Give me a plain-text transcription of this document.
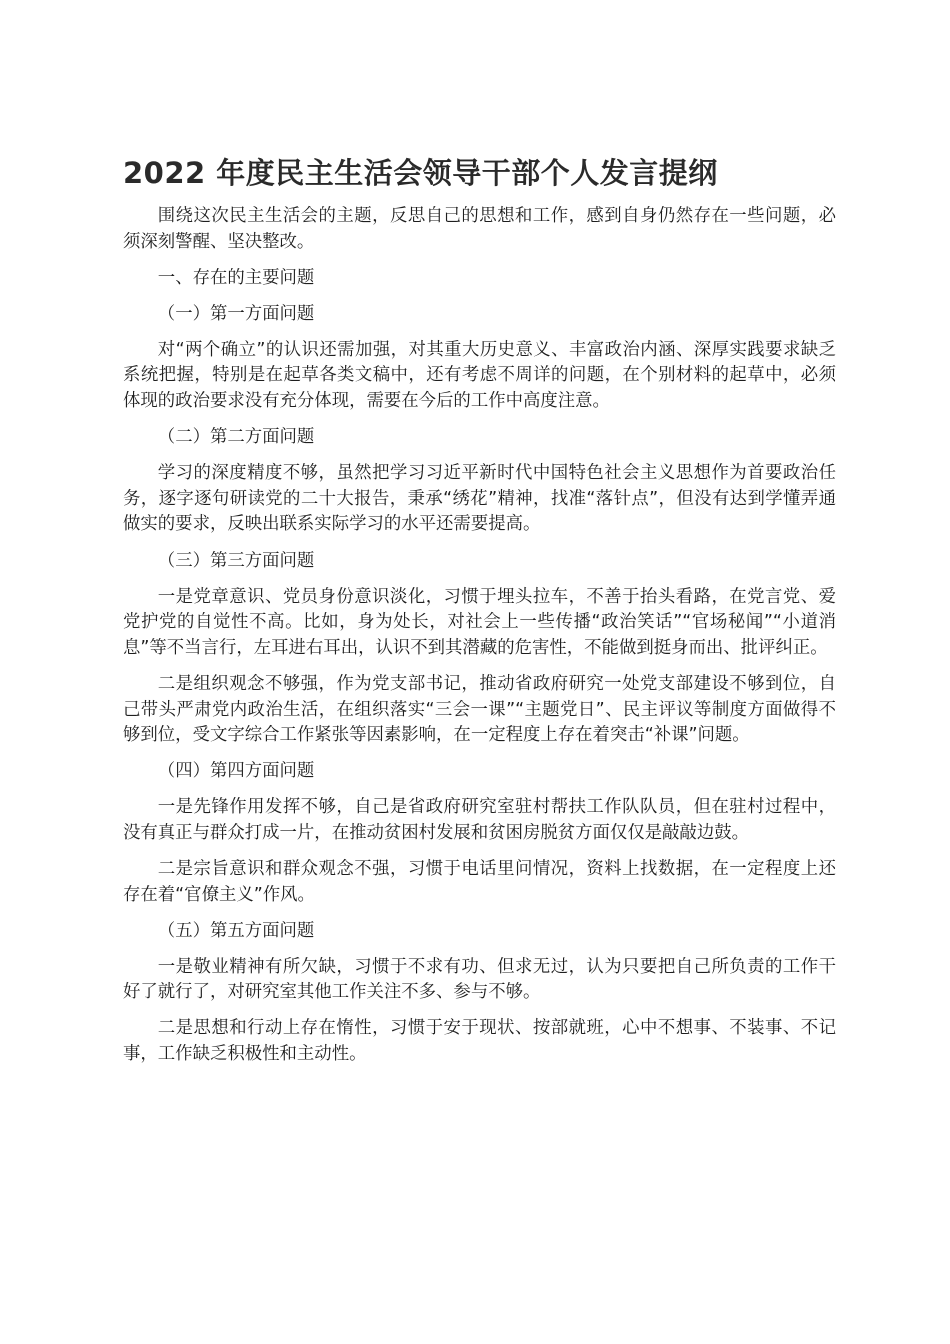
2022 年度民主生活会领导干部个人发言提纲

围绕这次民主生活会的主题，反思自己的思想和工作，感到自身仍然存在一些问题，必须深刻警醒、坚决整改。

一、存在的主要问题

（一）第一方面问题

对“两个确立”的认识还需加强，对其重大历史意义、丰富政治内涵、深厚实践要求缺乏系统把握，特别是在起草各类文稿中，还有考虑不周详的问题，在个别材料的起草中，必须体现的政治要求没有充分体现，需要在今后的工作中高度注意。

（二）第二方面问题

学习的深度精度不够，虽然把学习习近平新时代中国特色社会主义思想作为首要政治任务，逐字逐句研读党的二十大报告，秉承“绣花”精神，找准“落针点”，但没有达到学懂弄通做实的要求，反映出联系实际学习的水平还需要提高。

（三）第三方面问题

一是党章意识、党员身份意识淡化，习惯于埋头拉车，不善于抬头看路，在党言党、爱党护党的自觉性不高。比如，身为处长，对社会上一些传播“政治笑话”“官场秘闻”“小道消息”等不当言行，左耳进右耳出，认识不到其潜藏的危害性，不能做到挺身而出、批评纠正。

二是组织观念不够强，作为党支部书记，推动省政府研究一处党支部建设不够到位，自己带头严肃党内政治生活，在组织落实“三会一课”“主题党日”、民主评议等制度方面做得不够到位，受文字综合工作紧张等因素影响，在一定程度上存在着突击“补课”问题。

（四）第四方面问题

一是先锋作用发挥不够，自己是省政府研究室驻村帮扶工作队队员，但在驻村过程中，没有真正与群众打成一片，在推动贫困村发展和贫困房脱贫方面仅仅是敲敲边鼓。

二是宗旨意识和群众观念不强，习惯于电话里问情况，资料上找数据，在一定程度上还存在着“官僚主义”作风。

（五）第五方面问题

一是敬业精神有所欠缺，习惯于不求有功、但求无过，认为只要把自己所负责的工作干好了就行了，对研究室其他工作关注不多、参与不够。

二是思想和行动上存在惰性，习惯于安于现状、按部就班，心中不想事、不装事、不记事，工作缺乏积极性和主动性。
